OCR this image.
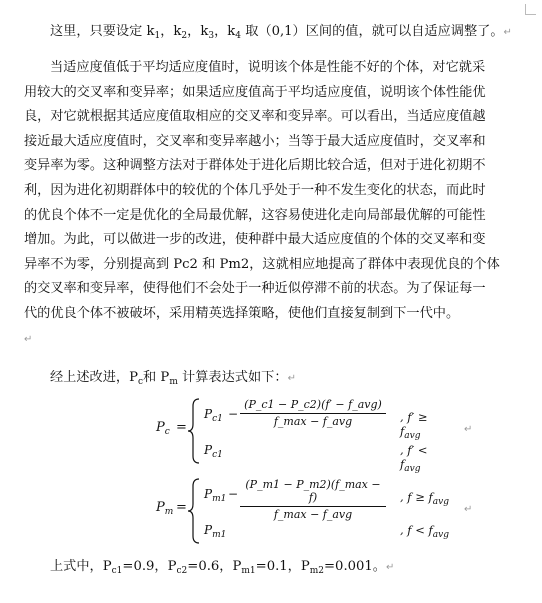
这里，只要设定 $k_1$，$k_2$，$k_3$，$k_4$ 取（0,1）区间的值，就可以自适应调整了。↵

当适应度值低于平均适应度值时，说明该个体是性能不好的个体，对它就采
用较大的交叉率和变异率；如果适应度值高于平均适应度值，说明该个体性能优
良，对它就根据其适应度值取相应的交叉率和变异率。可以看出，当适应度值越
接近最大适应度值时，交叉率和变异率越小；当等于最大适应度值时，交叉率和
变异率为零。这种调整方法对于群体处于进化后期比较合适，但对于进化初期不
利，因为进化初期群体中的较优的个体几乎处于一种不发生变化的状态，而此时
的优良个体不一定是优化的全局最优解，这容易使进化走向局部最优解的可能性
增加。为此，可以做进一步的改进，使种群中最大适应度值的个体的交叉率和变
异率不为零，分别提高到 Pc2 和 Pm2，这就相应地提高了群体中表现优良的个体
的交叉率和变异率，使得他们不会处于一种近似停滞不前的状态。为了保证每一
代的优良个体不被破坏，采用精英选择策略，使他们直接复制到下一代中。
↵

经上述改进，$P_c$和 $P_m$ 计算表达式如下：↵

$P_c$ =
$P_{c1}$ −
(P_c1 − P_c2)(f′ − f_avg)
f_max − f_avg	, $f' \ge f_{avg}$
$P_{c1}$	, $f' < f_{avg}$
↵
$P_m$ =
$P_{m1}$ −
(P_m1 − P_m2)(f_max − f)
f_max − f_avg
, $f \ge f_{avg}$
$P_{m1}$	, $f < f_{avg}$
↵

上式中，$P_{c1}=0.9$，$P_{c2}=0.6$，$P_{m1}=0.1$，$P_{m2}=0.001$。↵
